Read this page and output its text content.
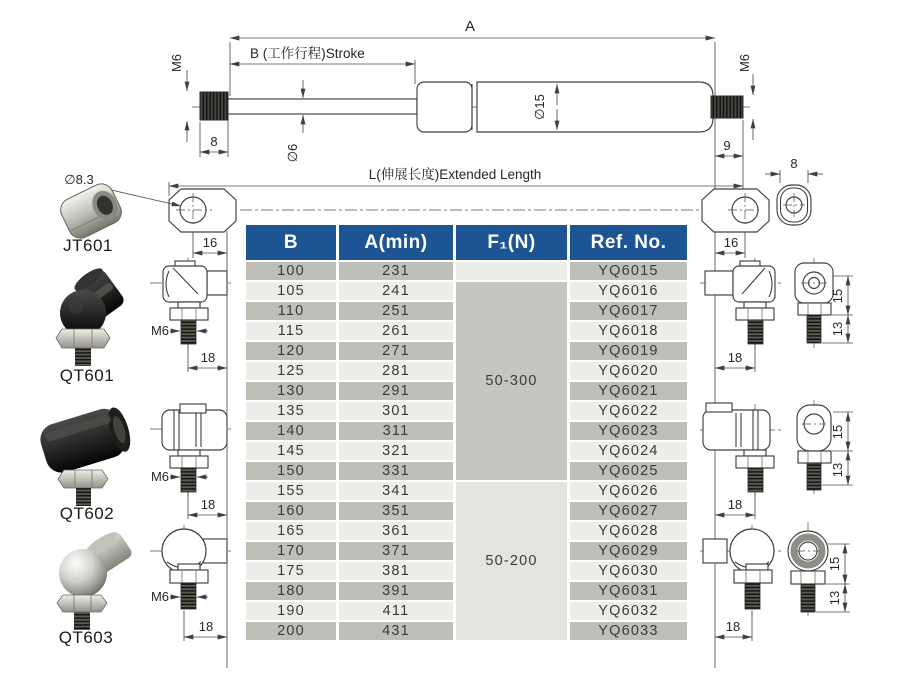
A
B (工作行程)Stroke
M6
8
∅6
∅15
M6
9
L(伸展长度)Extended Length
∅8.3
16	16
8
M6
18
M6
18
M6
18
18
15
13
18
15
13
18
15
13
JT601
QT601
QT602
QT603
B	A(min)	F₁(N)	Ref. No.
100	231		YQ6015
105	241	50-300	YQ6016
110	251		YQ6017
115	261		YQ6018
120	271		YQ6019
125	281		YQ6020
130	291		YQ6021
135	301		YQ6022
140	311		YQ6023
145	321		YQ6024
150	331		YQ6025
155	341	50-200	YQ6026
160	351		YQ6027
165	361		YQ6028
170	371		YQ6029
175	381		YQ6030
180	391		YQ6031
190	411		YQ6032
200	431		YQ6033
